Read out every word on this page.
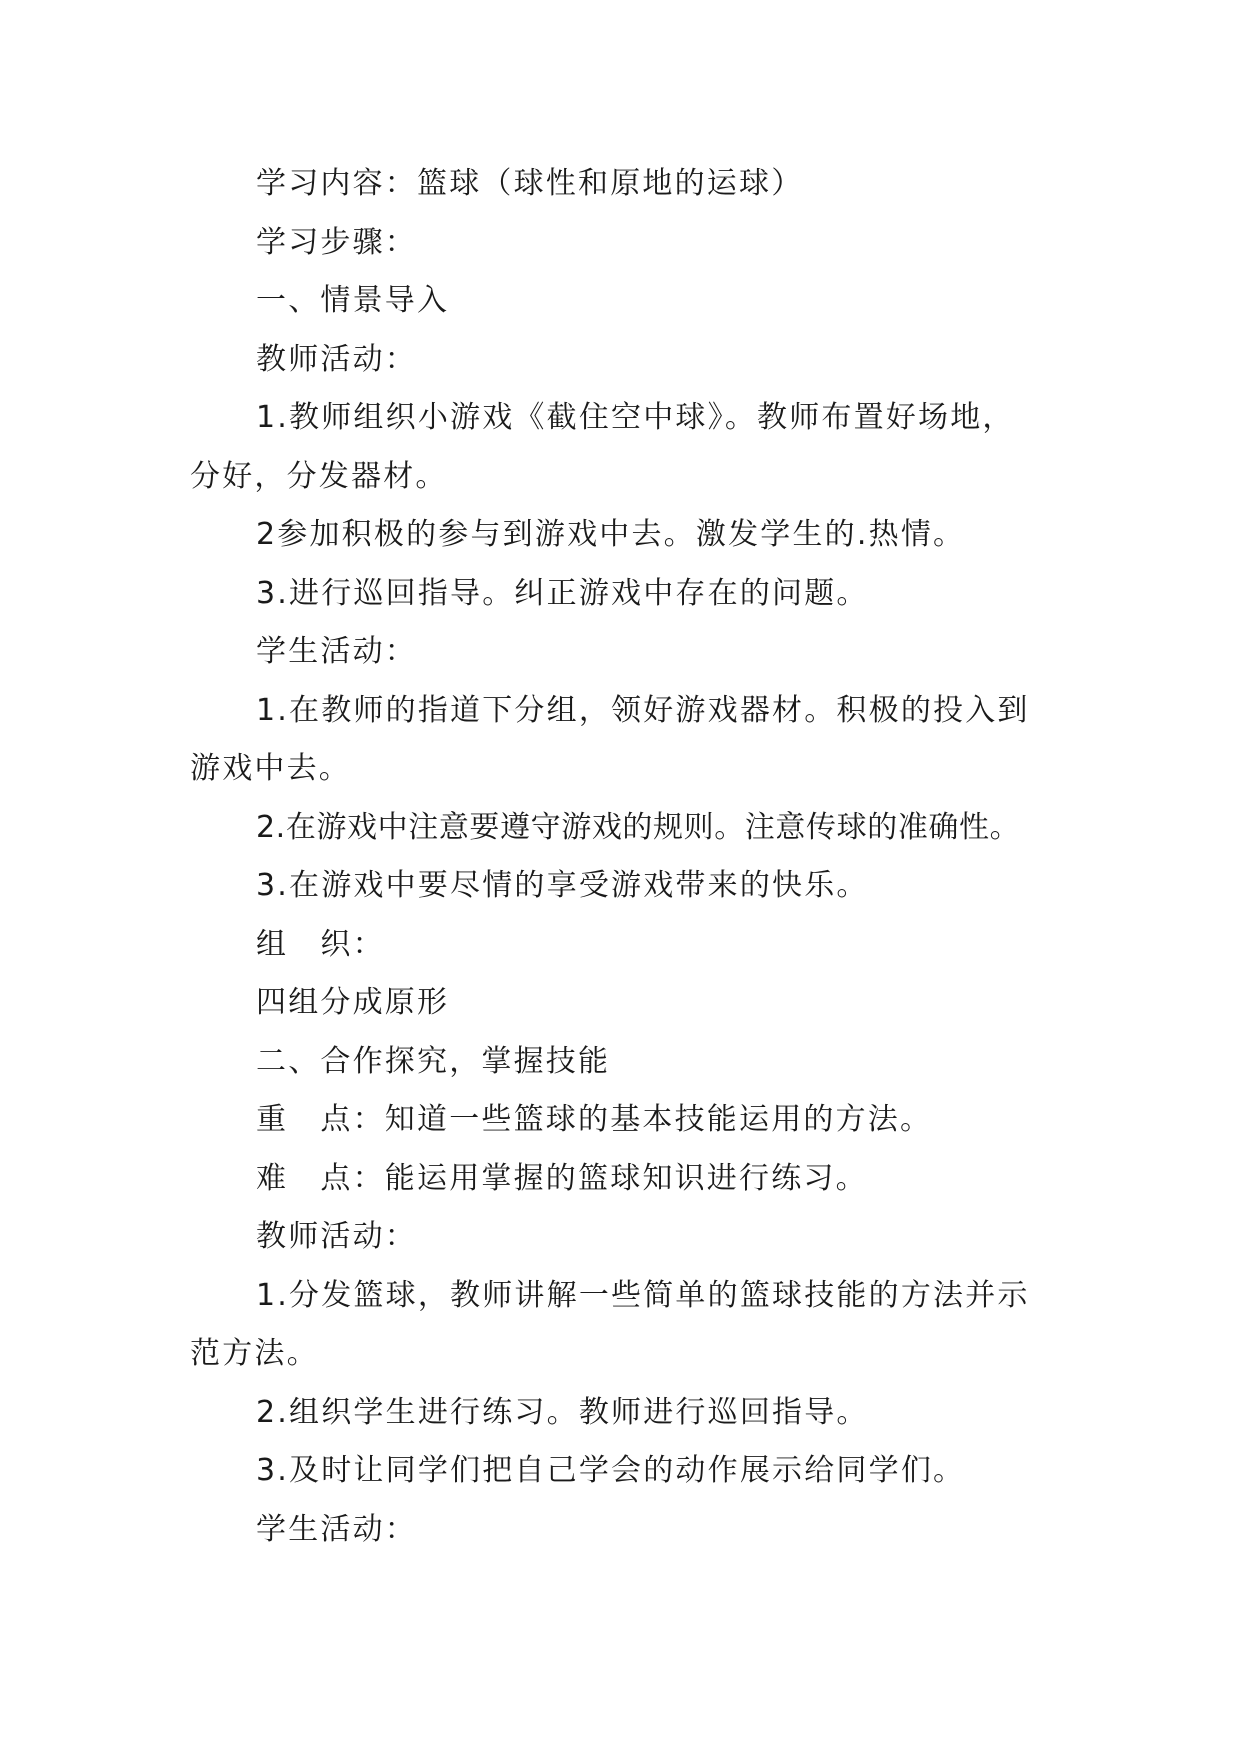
学习内容：篮球（球性和原地的运球）
学习步骤：
一、情景导入
教师活动：
1.教师组织小游戏《截住空中球》。教师布置好场地，
分好，分发器材。
2参加积极的参与到游戏中去。激发学生的.热情。
3.进行巡回指导。纠正游戏中存在的问题。
学生活动：
1.在教师的指道下分组，领好游戏器材。积极的投入到
游戏中去。
2.在游戏中注意要遵守游戏的规则。注意传球的准确性。
3.在游戏中要尽情的享受游戏带来的快乐。
组　织：
四组分成原形
二、合作探究，掌握技能
重　点：知道一些篮球的基本技能运用的方法。
难　点：能运用掌握的篮球知识进行练习。
教师活动：
1.分发篮球，教师讲解一些简单的篮球技能的方法并示
范方法。
2.组织学生进行练习。教师进行巡回指导。
3.及时让同学们把自己学会的动作展示给同学们。
学生活动：
